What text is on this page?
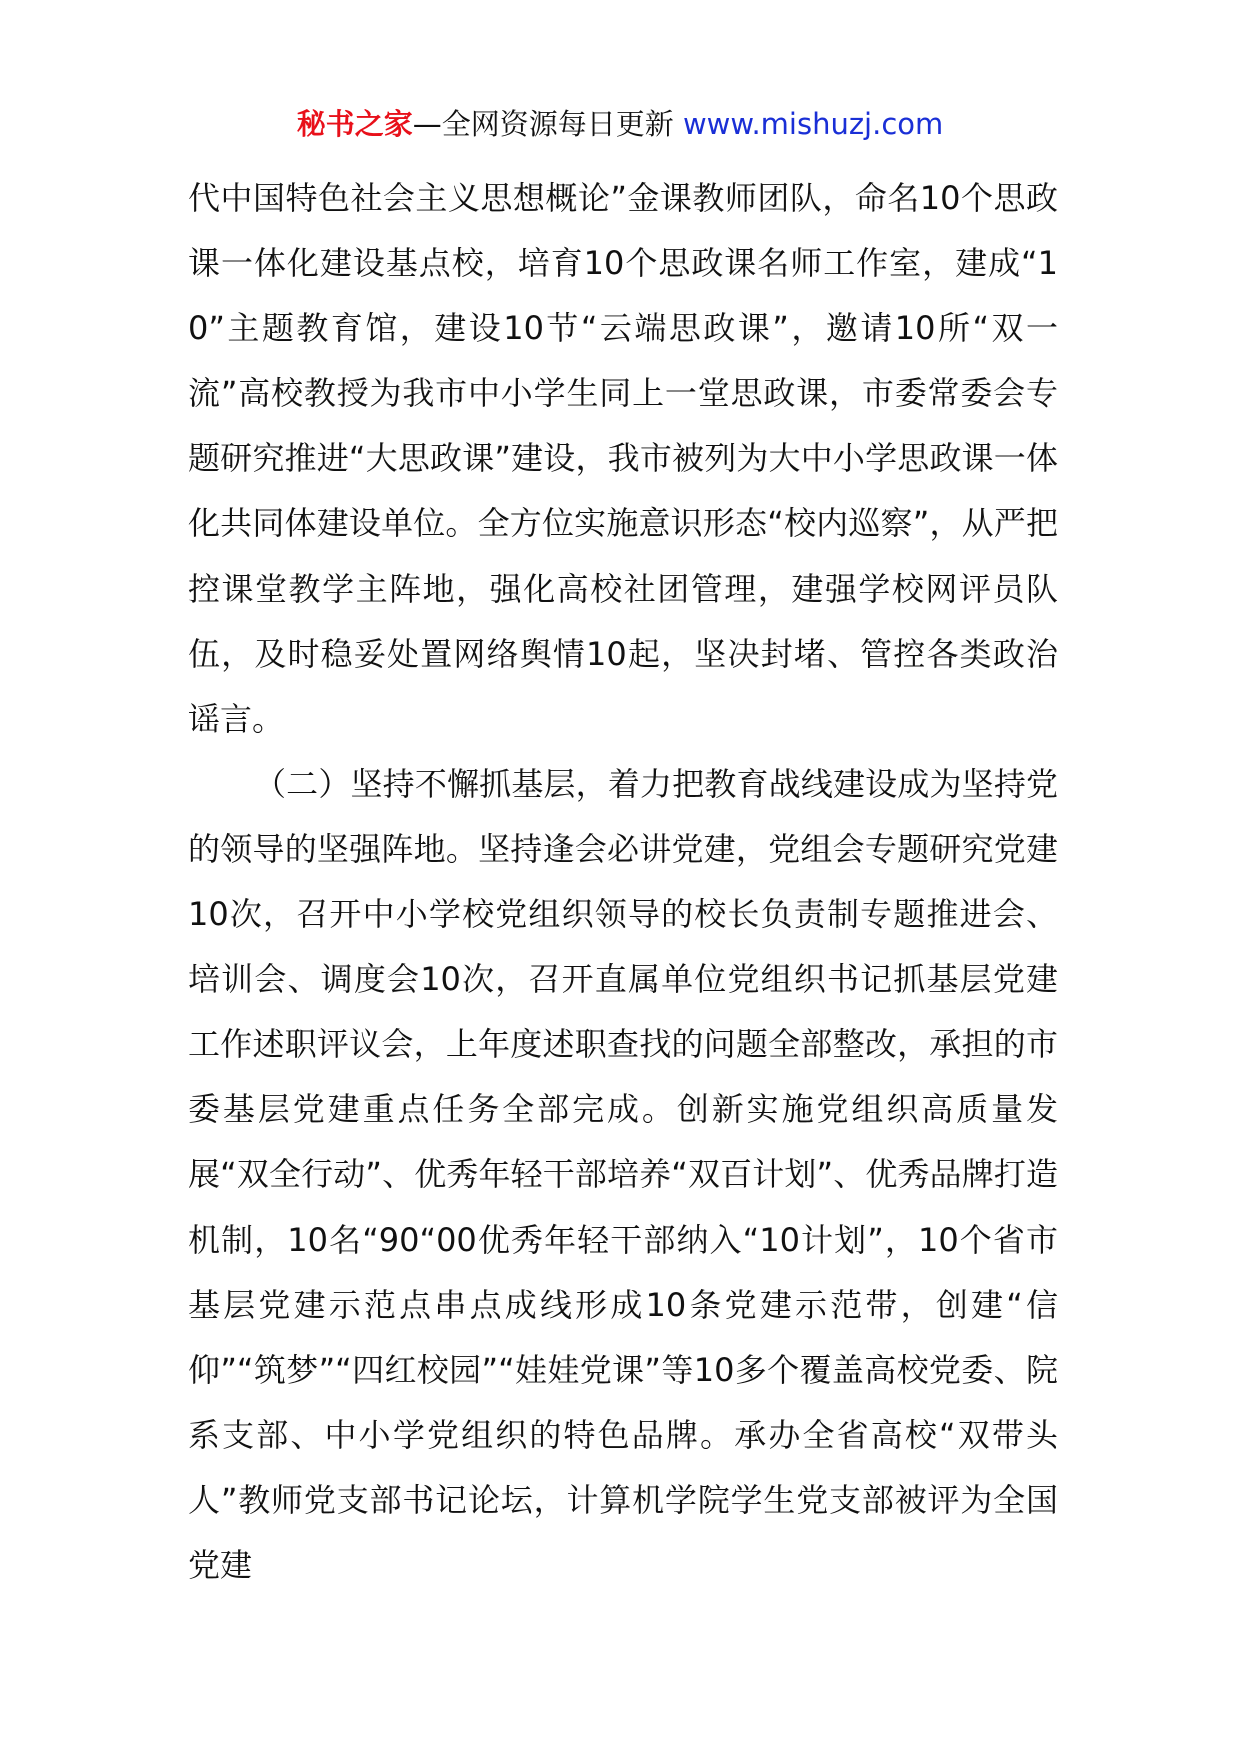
秘书之家—全网资源每日更新 www.mishuzj.com

代中国特色社会主义思想概论”金课教师团队，命名10个思政课一体化建设基点校，培育10个思政课名师工作室，建成“10”主题教育馆，建设10节“云端思政课”，邀请10所“双一流”高校教授为我市中小学生同上一堂思政课，市委常委会专题研究推进“大思政课”建设，我市被列为大中小学思政课一体化共同体建设单位。全方位实施意识形态“校内巡察”，从严把控课堂教学主阵地，强化高校社团管理，建强学校网评员队伍，及时稳妥处置网络舆情10起，坚决封堵、管控各类政治谣言。

（二）坚持不懈抓基层，着力把教育战线建设成为坚持党的领导的坚强阵地。坚持逢会必讲党建，党组会专题研究党建10次，召开中小学校党组织领导的校长负责制专题推进会、培训会、调度会10次，召开直属单位党组织书记抓基层党建工作述职评议会，上年度述职查找的问题全部整改，承担的市委基层党建重点任务全部完成。创新实施党组织高质量发展“双全行动”、优秀年轻干部培养“双百计划”、优秀品牌打造机制，10名“90“00优秀年轻干部纳入“10计划”，10个省市基层党建示范点串点成线形成10条党建示范带，创建“信仰”“筑梦”“四红校园”“娃娃党课”等10多个覆盖高校党委、院系支部、中小学党组织的特色品牌。承办全省高校“双带头人”教师党支部书记论坛，计算机学院学生党支部被评为全国党建
